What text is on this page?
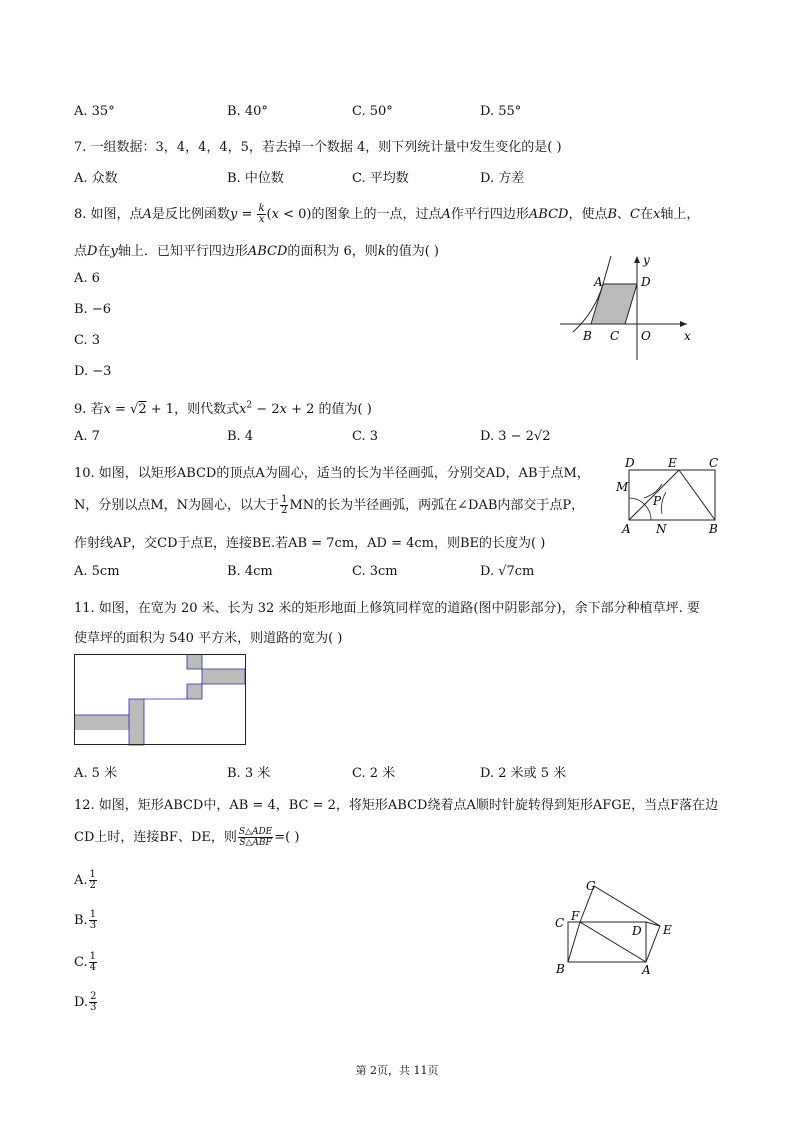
A. 35°	B. 40°	C. 50°	D. 55°
7. 一组数据：3，4，4，4，5，若去掉一个数据 4，则下列统计量中发生变化的是( )
A. 众数	B. 中位数	C. 平均数	D. 方差
8. 如图，点A是反比例函数$y = \frac{k}{x} (x < 0)$的图象上的一点，过点A作平行四边形ABCD，使点B、C在x轴上，
点D在y轴上．已知平行四边形ABCD的面积为 6，则k的值为( )
A. 6
B. −6
C. 3
D. −3
A	D
B C O	x
y
9. 若x = √2 + 1，则代数式$x^2 - 2x + 2$ 的值为( )
A. 7	B. 4	C. 3	D. 3 − 2√2
10. 如图，以矩形ABCD的顶点A为圆心，适当的长为半径画弧，分别交AD，AB于点M，
N，分别以点M，N为圆心，以大于 $\frac{1}{2}$ MN的长为半径画弧，两弧在∠DAB内部交于点P，
作射线AP，交CD于点E，连接BE.若AB = 7cm，AD = 4cm，则BE的长度为( )
A. 5cm	B. 4cm	C. 3cm	D. √7cm
D	E	C
M
P
A N	B
11. 如图，在宽为 20 米、长为 32 米的矩形地面上修筑同样宽的道路(图中阴影部分)，余下部分种植草坪. 要
使草坪的面积为 540 平方米，则道路的宽为( )
A. 5 米	B. 3 米	C. 2 米	D. 2 米或 5 米
12. 如图，矩形ABCD中，AB = 4，BC = 2，将矩形ABCD绕着点A顺时针旋转得到矩形AFGE，当点F落在边
CD上时，连接BF、DE，则 $\frac{\text{S△ADE}}{\text{S△ABF}}$ =( )
A. $\frac{1}{2}$
B. $\frac{1}{3}$
C. $\frac{1}{4}$
D. $\frac{2}{3}$
G
C F
D E
B	A
第 2页，共 11页
